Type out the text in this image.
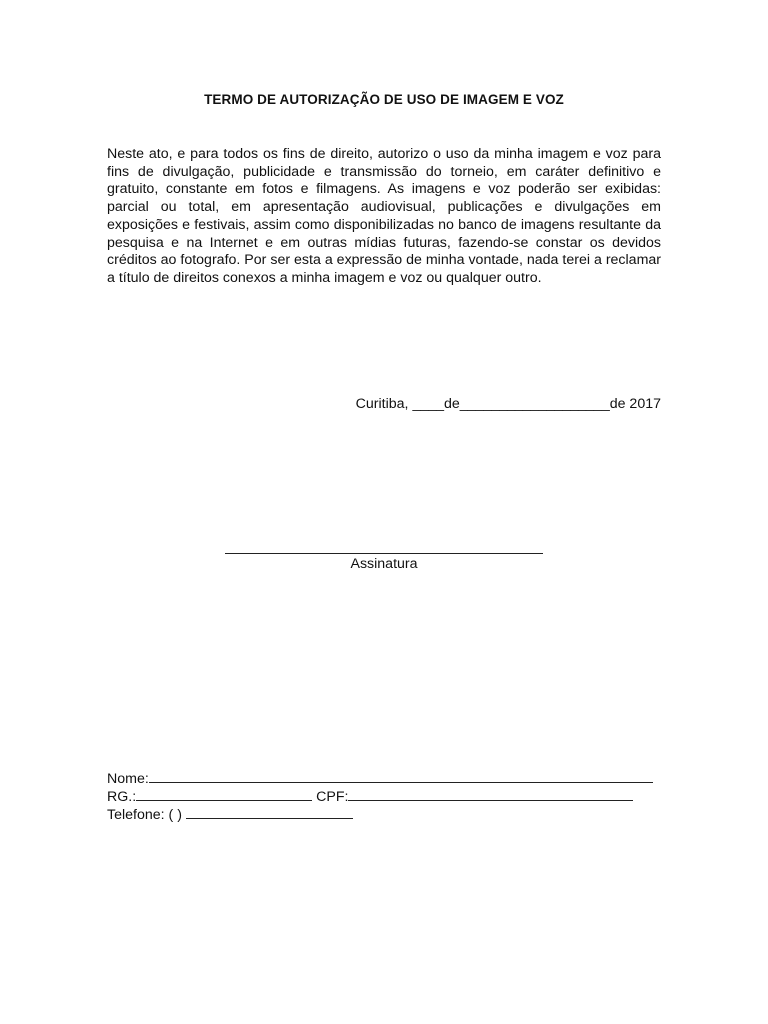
TERMO DE AUTORIZAÇÃO DE USO DE IMAGEM E VOZ

Neste ato, e para todos os fins de direito, autorizo o uso da minha imagem e voz para fins de divulgação, publicidade e transmissão do torneio, em caráter definitivo e gratuito, constante em fotos e filmagens. As imagens e voz poderão ser exibidas: parcial ou total, em apresentação audiovisual, publicações e divulgações em exposições e festivais, assim como disponibilizadas no banco de imagens resultante da pesquisa e na Internet e em outras mídias futuras, fazendo-se constar os devidos créditos ao fotografo. Por ser esta a expressão de minha vontade, nada terei a reclamar a título de direitos conexos a minha imagem e voz ou qualquer outro.

Curitiba, ____de___________________de 2017
Assinatura
Nome:
RG.:	CPF:
Telefone: ( )
